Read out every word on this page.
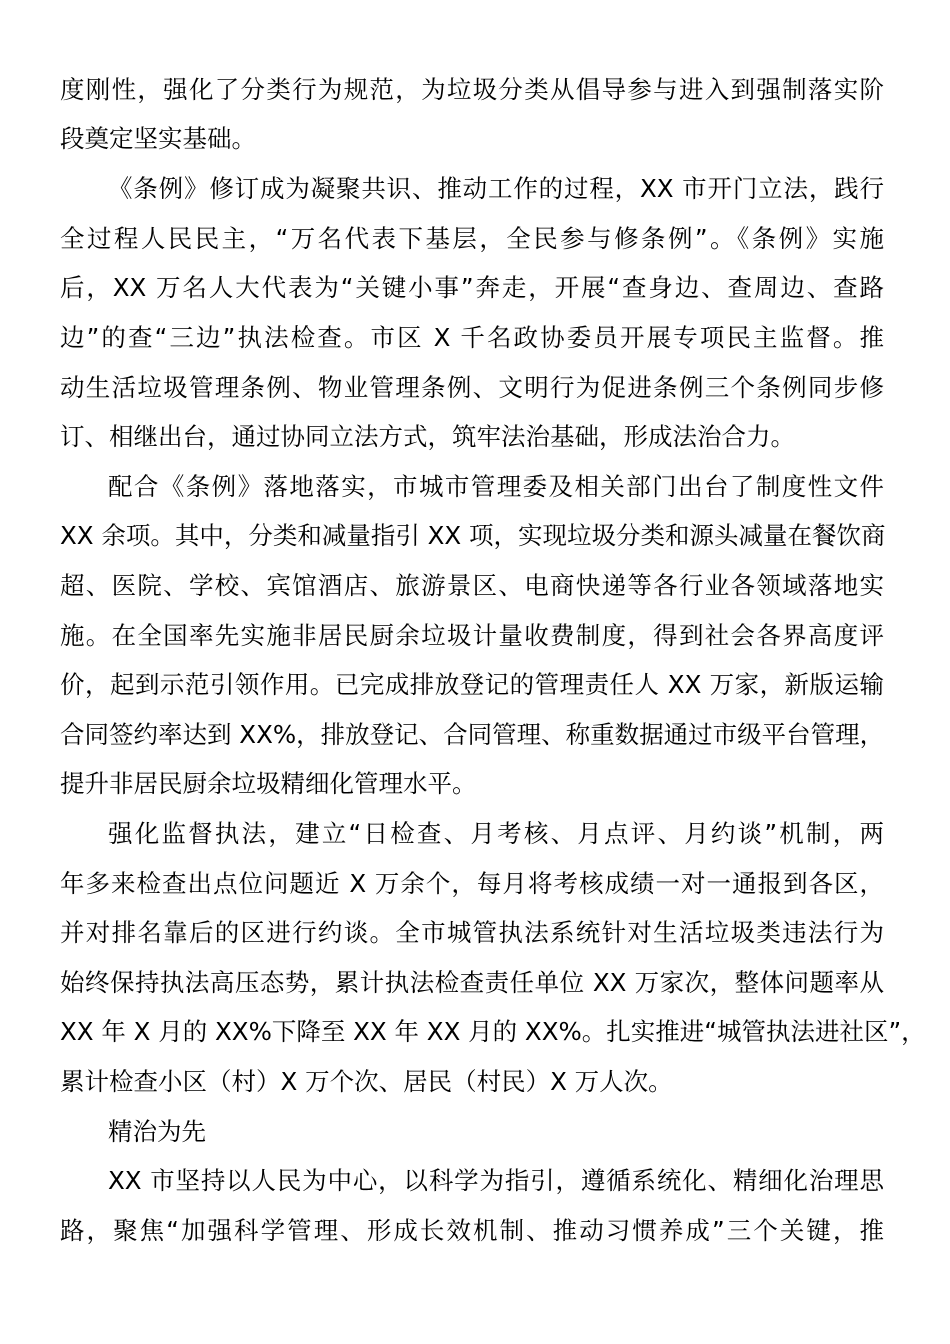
度刚性，强化了分类行为规范，为垃圾分类从倡导参与进入到强制落实阶
段奠定坚实基础。
《条例》修订成为凝聚共识、推动工作的过程，XX 市开门立法，践行
全过程人民民主，“万名代表下基层，全民参与修条例”。《条例》实施
后，XX 万名人大代表为“关键小事”奔走，开展“查身边、查周边、查路
边”的查“三边”执法检查。市区 X 千名政协委员开展专项民主监督。推
动生活垃圾管理条例、物业管理条例、文明行为促进条例三个条例同步修
订、相继出台，通过协同立法方式，筑牢法治基础，形成法治合力。
配合《条例》落地落实，市城市管理委及相关部门出台了制度性文件
XX 余项。其中，分类和减量指引 XX 项，实现垃圾分类和源头减量在餐饮商
超、医院、学校、宾馆酒店、旅游景区、电商快递等各行业各领域落地实
施。在全国率先实施非居民厨余垃圾计量收费制度，得到社会各界高度评
价，起到示范引领作用。已完成排放登记的管理责任人 XX 万家，新版运输
合同签约率达到 XX%，排放登记、合同管理、称重数据通过市级平台管理，
提升非居民厨余垃圾精细化管理水平。
强化监督执法，建立“日检查、月考核、月点评、月约谈”机制，两
年多来检查出点位问题近 X 万余个，每月将考核成绩一对一通报到各区，
并对排名靠后的区进行约谈。全市城管执法系统针对生活垃圾类违法行为
始终保持执法高压态势，累计执法检查责任单位 XX 万家次，整体问题率从
XX 年 X 月的 XX%下降至 XX 年 XX 月的 XX%。扎实推进“城管执法进社区”，
累计检查小区（村）X 万个次、居民（村民）X 万人次。
精治为先
XX 市坚持以人民为中心，以科学为指引，遵循系统化、精细化治理思
路，聚焦“加强科学管理、形成长效机制、推动习惯养成”三个关键，推
